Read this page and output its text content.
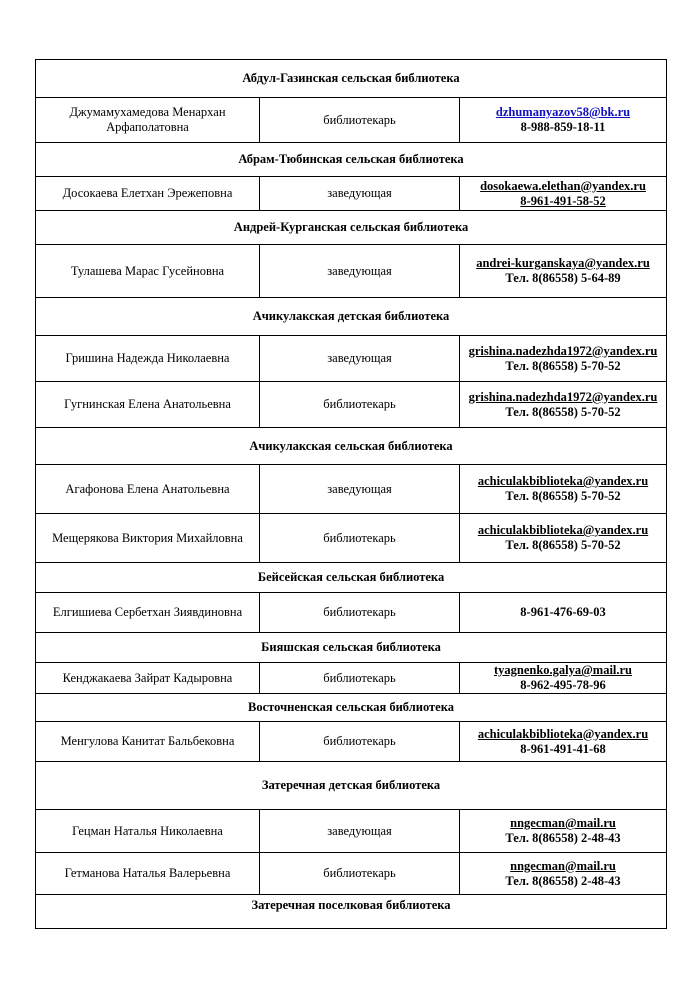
Абдул-Газинская сельская библиотека		
Джумамухамедова Менархан Арфаполатовна	библиотекарь	dzhumanyazov58@bk.ru
8-988-859-18-11

Абрам-Тюбинская сельская библиотека		
Досокаева Елетхан Эрежеповна	заведующая	dosokaewa.elethan@yandex.ru
8-961-491-58-52

Андрей-Курганская сельская библиотека		
Тулашева Марас Гусейновна	заведующая	andrei-kurganskaya@yandex.ru
Тел. 8(86558) 5-64-89

Ачикулакская детская библиотека		
Гришина Надежда Николаевна	заведующая	grishina.nadezhda1972@yandex.ru
Тел. 8(86558) 5-70-52

Гугнинская Елена Анатольевна	библиотекарь	grishina.nadezhda1972@yandex.ru
Тел. 8(86558) 5-70-52

Ачикулакская сельская библиотека		
Агафонова Елена Анатольевна	заведующая	achiculakbiblioteka@yandex.ru
Тел. 8(86558) 5-70-52

Мещерякова Виктория Михайловна	библиотекарь	achiculakbiblioteka@yandex.ru
Тел. 8(86558) 5-70-52

Бейсейская сельская библиотека		
Елгишиева Сербетхан Зиявдиновна	библиотекарь	8-961-476-69-03

Бияшская сельская библиотека		
Кенджакаева Зайрат Кадыровна	библиотекарь	tyagnenko.galya@mail.ru
8-962-495-78-96

Восточненская сельская библиотека		
Менгулова Канитат Бальбековна	библиотекарь	achiculakbiblioteka@yandex.ru
8-961-491-41-68

Затеречная детская библиотека		
Гецман Наталья Николаевна	заведующая	nngecman@mail.ru
Тел. 8(86558) 2-48-43

Гетманова Наталья Валерьевна	библиотекарь	nngecman@mail.ru
Тел. 8(86558) 2-48-43

Затеречная поселковая библиотека		
